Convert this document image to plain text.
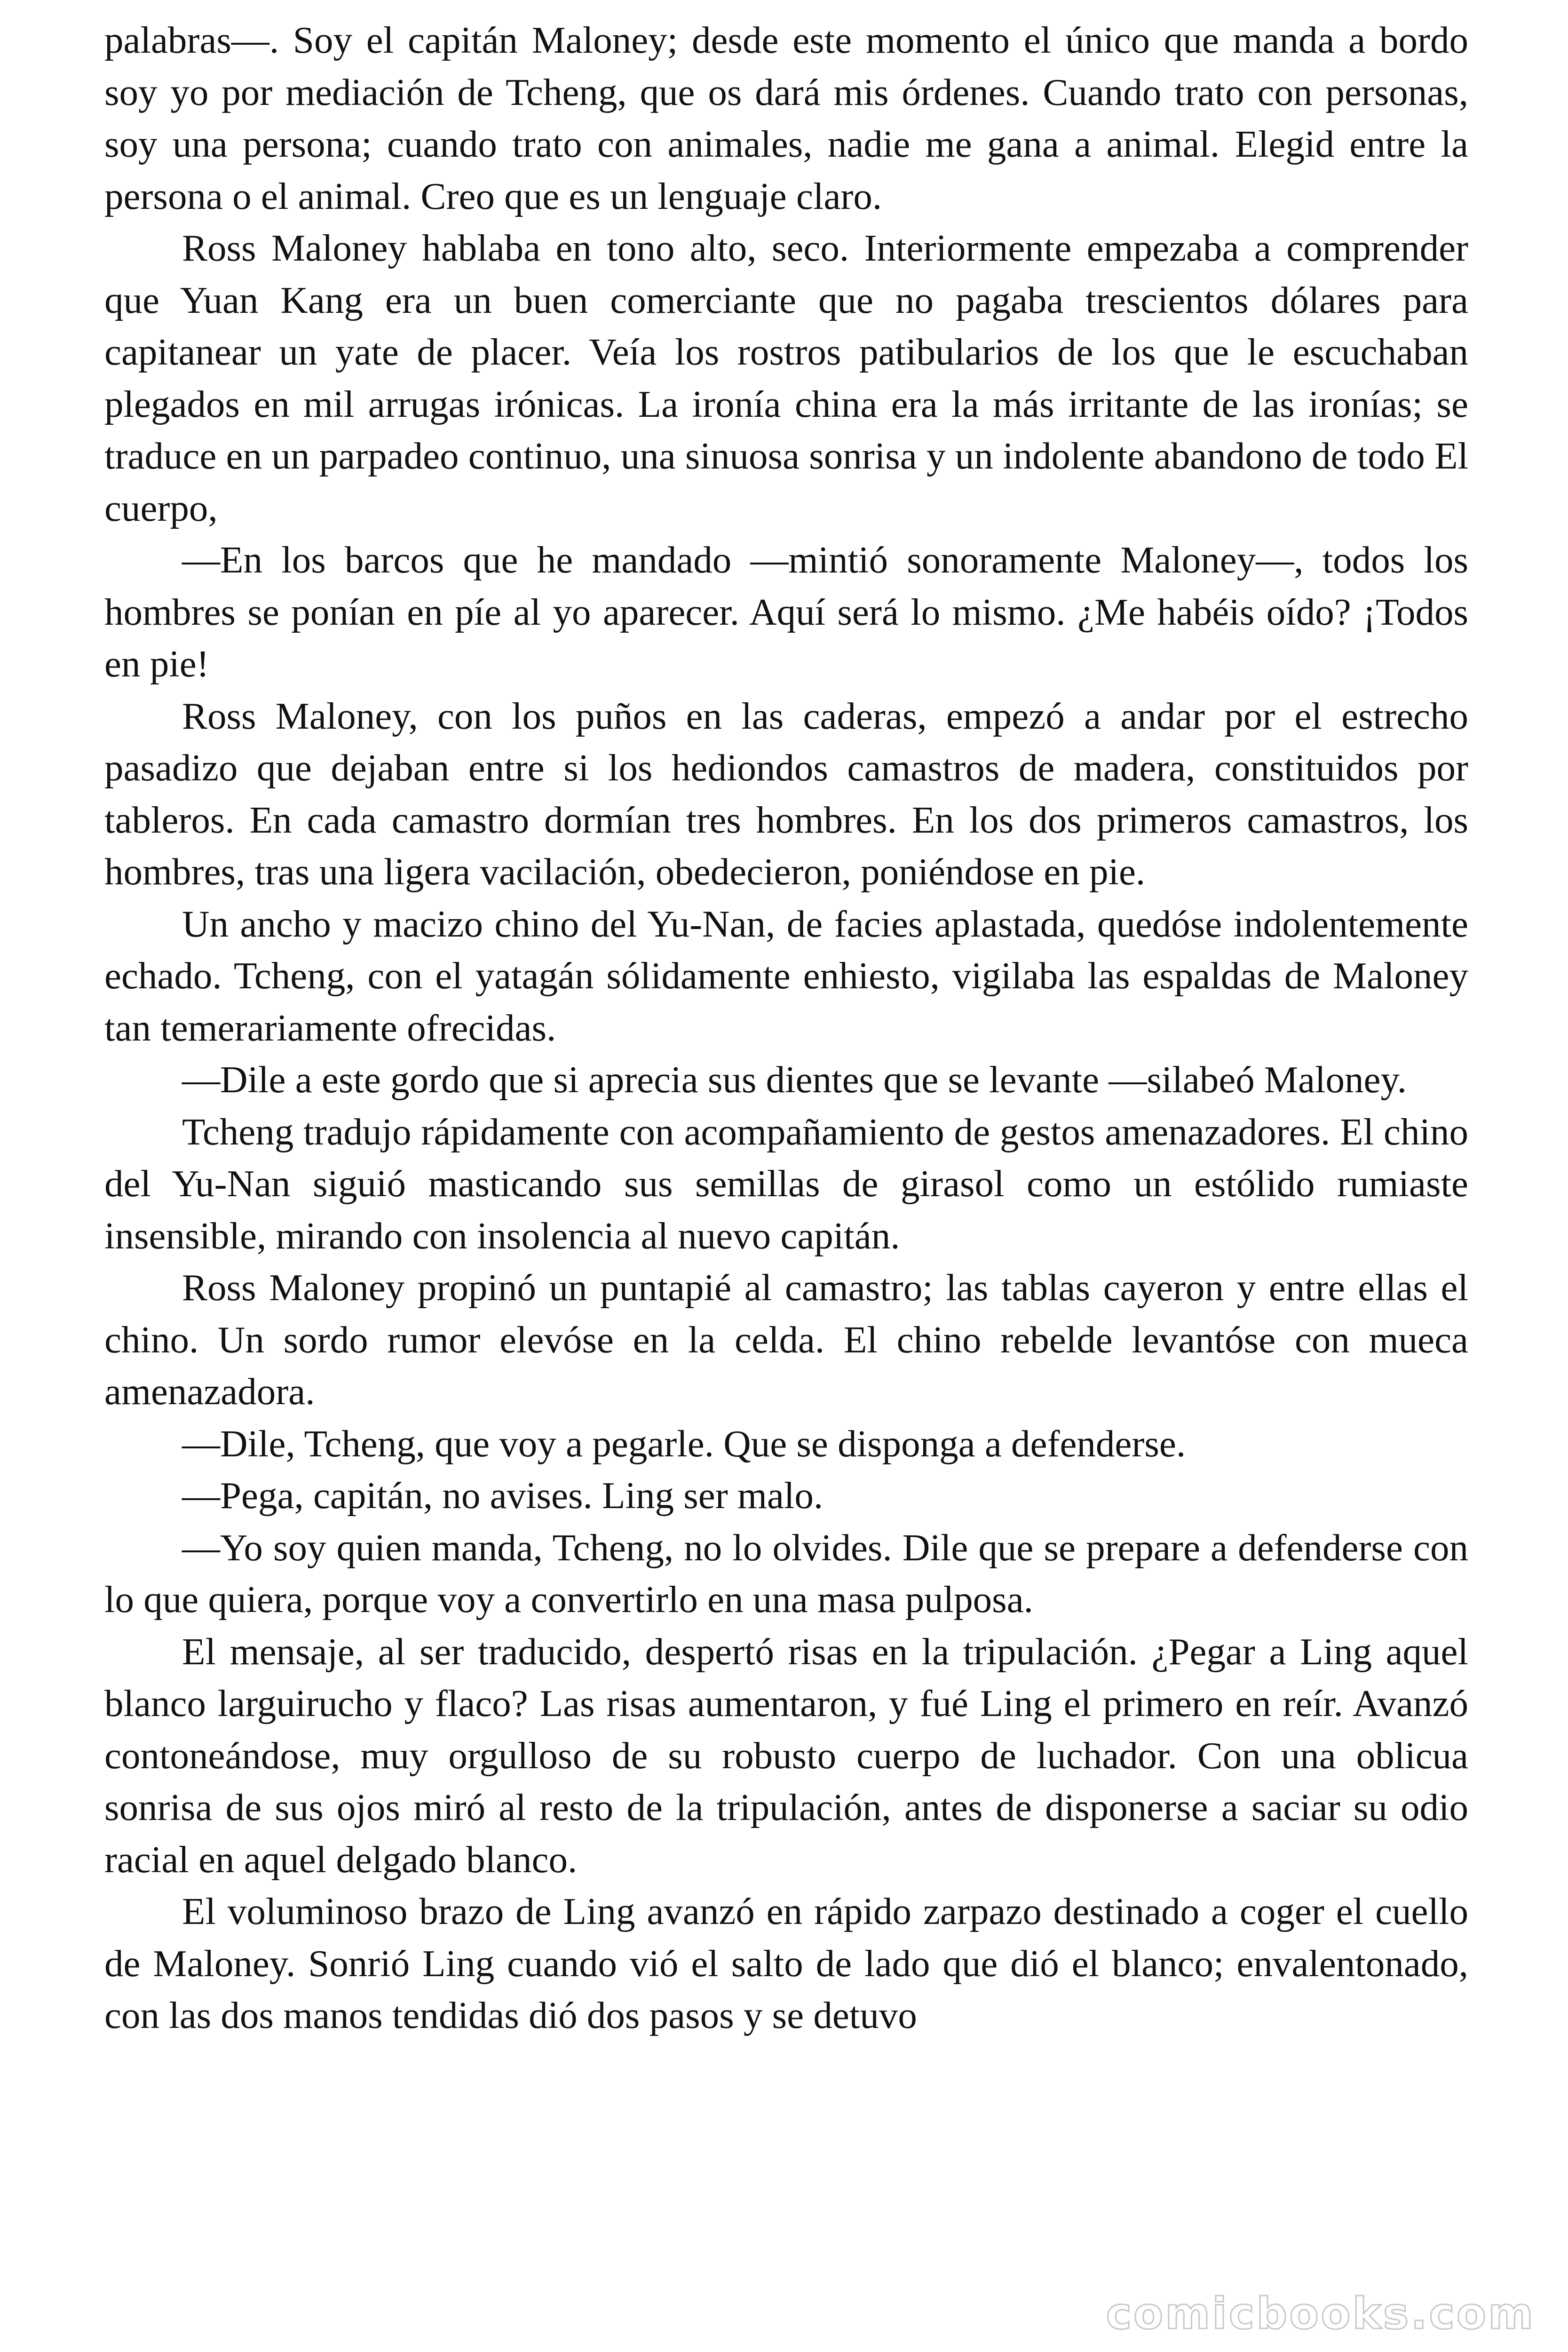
palabras—. Soy el capitán Maloney; desde este momento el único que manda a bordo soy yo por mediación de Tcheng, que os dará mis órdenes. Cuando trato con personas, soy una persona; cuando trato con animales, nadie me gana a animal. Elegid entre la persona o el animal. Creo que es un lenguaje claro.

Ross Maloney hablaba en tono alto, seco. Interiormente empezaba a comprender que Yuan Kang era un buen comerciante que no pagaba trescientos dólares para capitanear un yate de placer. Veía los rostros patibularios de los que le escuchaban plegados en mil arrugas irónicas. La ironía china era la más irritante de las ironías; se traduce en un parpadeo continuo, una sinuosa sonrisa y un indolente abandono de todo El cuerpo,

—En los barcos que he mandado —mintió sonoramente Maloney—, todos los hombres se ponían en píe al yo aparecer. Aquí será lo mismo. ¿Me habéis oído? ¡Todos en pie!

Ross Maloney, con los puños en las caderas, empezó a andar por el estrecho pasadizo que dejaban entre si los hediondos camastros de madera, constituidos por tableros. En cada camastro dormían tres hombres. En los dos primeros camastros, los hombres, tras una ligera vacilación, obedecieron, poniéndose en pie.

Un ancho y macizo chino del Yu-Nan, de facies aplastada, quedóse indolentemente echado. Tcheng, con el yatagán sólidamente enhiesto, vigilaba las espaldas de Maloney tan temerariamente ofrecidas.

—Dile a este gordo que si aprecia sus dientes que se levante —silabeó Maloney.

Tcheng tradujo rápidamente con acompañamiento de gestos amenazadores. El chino del Yu-Nan siguió masticando sus semillas de girasol como un estólido rumiaste insensible, mirando con insolencia al nuevo capitán.

Ross Maloney propinó un puntapié al camastro; las tablas cayeron y entre ellas el chino. Un sordo rumor elevóse en la celda. El chino rebelde levantóse con mueca amenazadora.

—Dile, Tcheng, que voy a pegarle. Que se disponga a defenderse.

—Pega, capitán, no avises. Ling ser malo.

—Yo soy quien manda, Tcheng, no lo olvides. Dile que se prepare a defenderse con lo que quiera, porque voy a convertirlo en una masa pulposa.

El mensaje, al ser traducido, despertó risas en la tripulación. ¿Pegar a Ling aquel blanco larguirucho y flaco? Las risas aumentaron, y fué Ling el primero en reír. Avanzó contoneándose, muy orgulloso de su robusto cuerpo de luchador. Con una oblicua sonrisa de sus ojos miró al resto de la tripulación, antes de disponerse a saciar su odio racial en aquel delgado blanco.

El voluminoso brazo de Ling avanzó en rápido zarpazo destinado a coger el cuello de Maloney. Sonrió Ling cuando vió el salto de lado que dió el blanco; envalentonado, con las dos manos tendidas dió dos pasos y se detuvo

comicbooks.com
